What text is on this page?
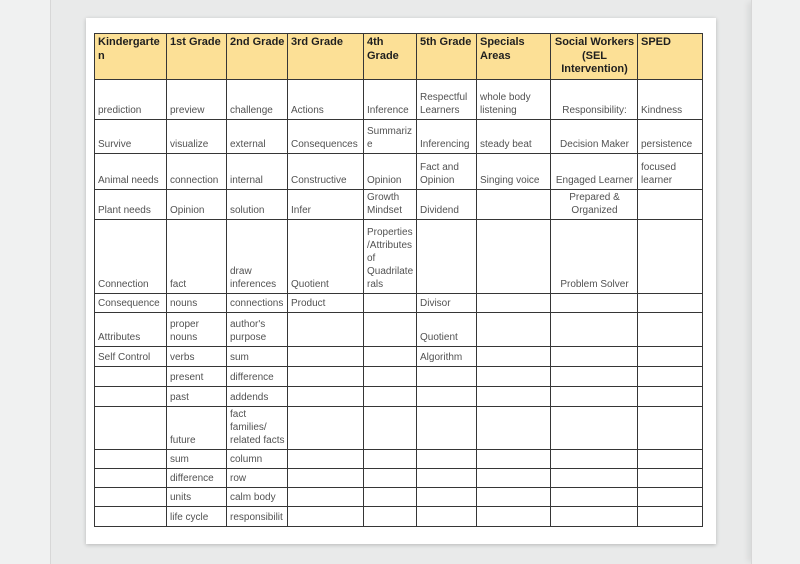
Kindergarten	1st Grade	2nd Grade	3rd Grade	4th Grade	5th Grade	Specials Areas	Social Workers (SEL Intervention)	SPED
prediction	preview	challenge	Actions	Inference	Respectful Learners	whole body listening	Responsibility:	Kindness
Survive	visualize	external	Consequences	Summarize	Inferencing	steady beat	Decision Maker	persistence
Animal needs	connection	internal	Constructive	Opinion	Fact and Opinion	Singing voice	Engaged Learner	focused learner
Plant needs	Opinion	solution	Infer	Growth Mindset	Dividend		Prepared & Organized	
Connection	fact	draw inferences	Quotient	Properties /Attributes of Quadrilaterals			Problem Solver	
Consequence	nouns	connections	Product		Divisor			
Attributes	proper nouns	author's purpose			Quotient			
Self Control	verbs	sum			Algorithm			
	present	difference						
	past	addends						
	future	fact families/ related facts						
	sum	column						
	difference	row						
	units	calm body						
	life cycle	responsibilit						
